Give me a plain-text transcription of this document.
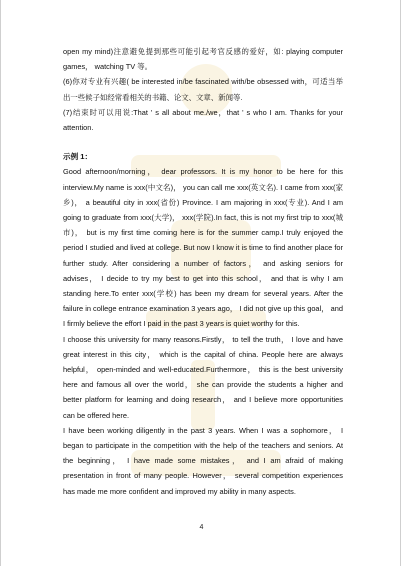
open my mind)注意避免提到那些可能引起考官反感的爱好，如: playing computer games， watching TV 等。

(6)你对专业有兴趣( be interested in/be fascinated with/be obsessed with，可适当举出一些候子如经常看相关的书籍、论文、文章、新闻等.

(7)结束时可以用说:That ' s all about me./we，that ' s who I am. Thanks for your attention.

示例 1：

Good afternoon/morning， dear professors. It is my honor to be here for this interview.My name is xxx(中文名)， you can call me xxx(英文名). I came from xxx(家乡)， a beautiful city in xxx(省份) Province. I am majoring in xxx(专业). And I am going to graduate from xxx(大学)， xxx(学院).In fact, this is not my first trip to xxx(城市)， but is my first time coming here is for the summer camp.I truly enjoyed the period I studied and lived at college. But now I know it is time to find another place for further study. After considering a number of factors， and asking seniors for advises， I decide to try my best to get into this school， and that is why I am standing here.To enter xxx(学校) has been my dream for several years. After the failure in college entrance examination 3 years ago， I did not give up this goal， and I firmly believe the effort I paid in the past 3 years is quiet worthy for this.

I choose this university for many reasons.Firstly， to tell the truth， I love and have great interest in this city， which is the capital of china. People here are always helpful， open-minded and well-educated.Furthermore， this is the best university here and famous all over the world， she can provide the students a higher and better platform for learning and doing research， and I believe more opportunities can be offered here.

I have been working diligently in the past 3 years. When I was a sophomore， I began to participate in the competition with the help of the teachers and seniors. At the beginning， I have made some mistakes， and I am afraid of making presentation in front of many people. However， several competition experiences has made me more confident and improved my ability in many aspects.

4
